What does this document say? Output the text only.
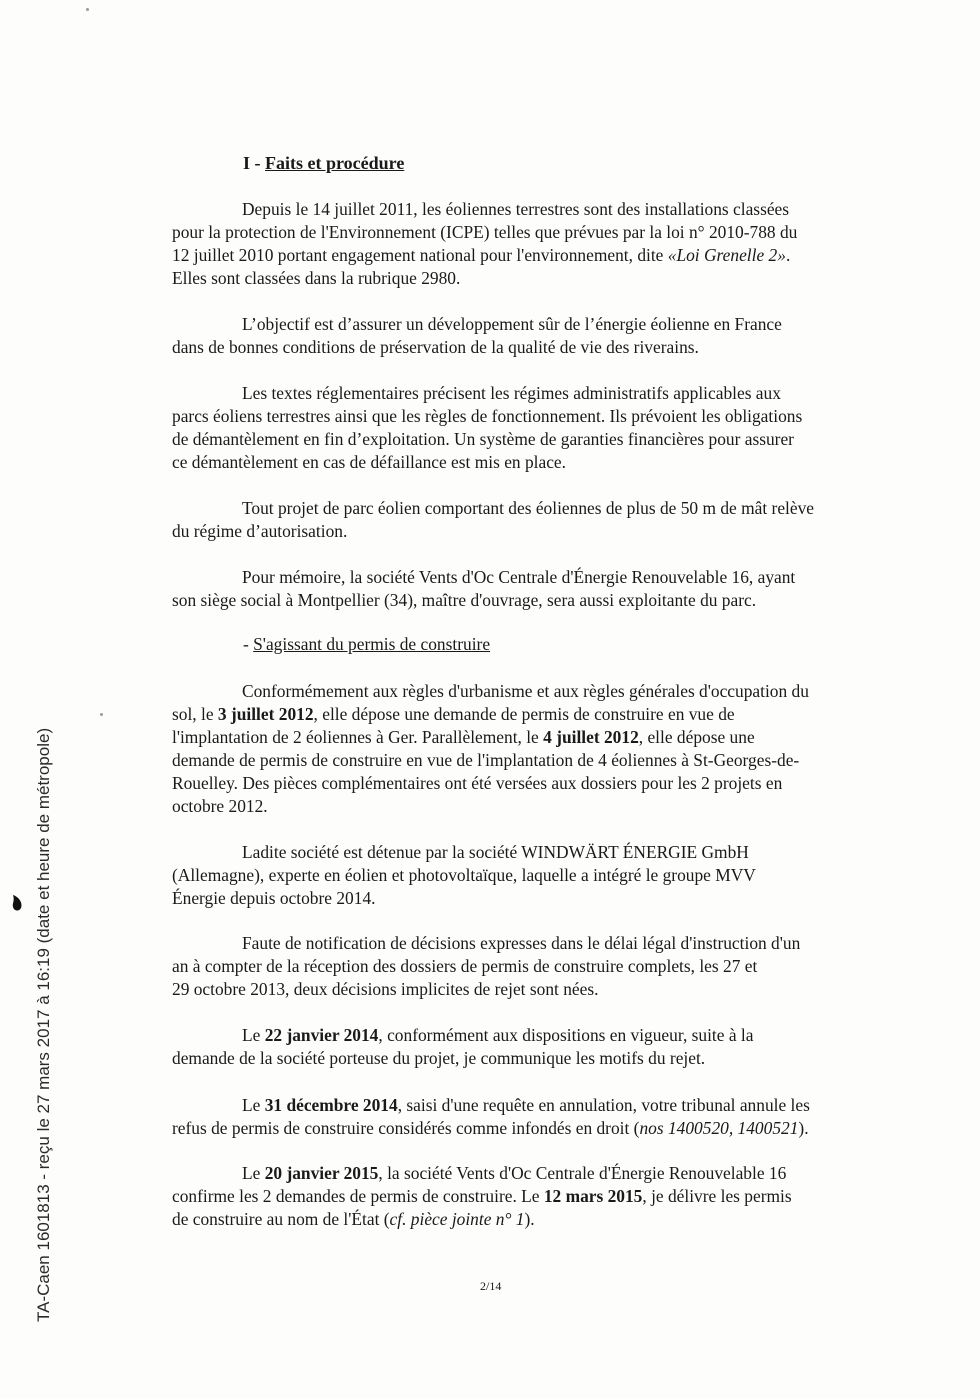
I - Faits et procédure
Depuis le 14 juillet 2011, les éoliennes terrestres sont des installations classées
pour la protection de l'Environnement (ICPE) telles que prévues par la loi n° 2010-788 du
12 juillet 2010 portant engagement national pour l'environnement, dite «Loi Grenelle 2».
Elles sont classées dans la rubrique 2980.
L’objectif est d’assurer un développement sûr de l’énergie éolienne en France
dans de bonnes conditions de préservation de la qualité de vie des riverains.
Les textes réglementaires précisent les régimes administratifs applicables aux
parcs éoliens terrestres ainsi que les règles de fonctionnement. Ils prévoient les obligations
de démantèlement en fin d’exploitation. Un système de garanties financières pour assurer
ce démantèlement en cas de défaillance est mis en place.
Tout projet de parc éolien comportant des éoliennes de plus de 50 m de mât relève
du régime d’autorisation.
Pour mémoire, la société Vents d'Oc Centrale d'Énergie Renouvelable 16, ayant
son siège social à Montpellier (34), maître d'ouvrage, sera aussi exploitante du parc.
- S'agissant du permis de construire
Conformémement aux règles d'urbanisme et aux règles générales d'occupation du
sol, le 3 juillet 2012, elle dépose une demande de permis de construire en vue de
l'implantation de 2 éoliennes à Ger. Parallèlement, le 4 juillet 2012, elle dépose une
demande de permis de construire en vue de l'implantation de 4 éoliennes à St-Georges-de-
Rouelley. Des pièces complémentaires ont été versées aux dossiers pour les 2 projets en
octobre 2012.
Ladite société est détenue par la société WINDWÄRT ÉNERGIE GmbH
(Allemagne), experte en éolien et photovoltaïque, laquelle a intégré le groupe MVV
Énergie depuis octobre 2014.
Faute de notification de décisions expresses dans le délai légal d'instruction d'un
an à compter de la réception des dossiers de permis de construire complets, les 27 et
29 octobre 2013, deux décisions implicites de rejet sont nées.
Le 22 janvier 2014, conformément aux dispositions en vigueur, suite à la
demande de la société porteuse du projet, je communique les motifs du rejet.
Le 31 décembre 2014, saisi d'une requête en annulation, votre tribunal annule les
refus de permis de construire considérés comme infondés en droit (nos 1400520, 1400521).
Le 20 janvier 2015, la société Vents d'Oc Centrale d'Énergie Renouvelable 16
confirme les 2 demandes de permis de construire. Le 12 mars 2015, je délivre les permis
de construire au nom de l'État (cf. pièce jointe n° 1).
2/14
TA-Caen 1601813 - reçu le 27 mars 2017 à 16:19 (date et heure de métropole)
